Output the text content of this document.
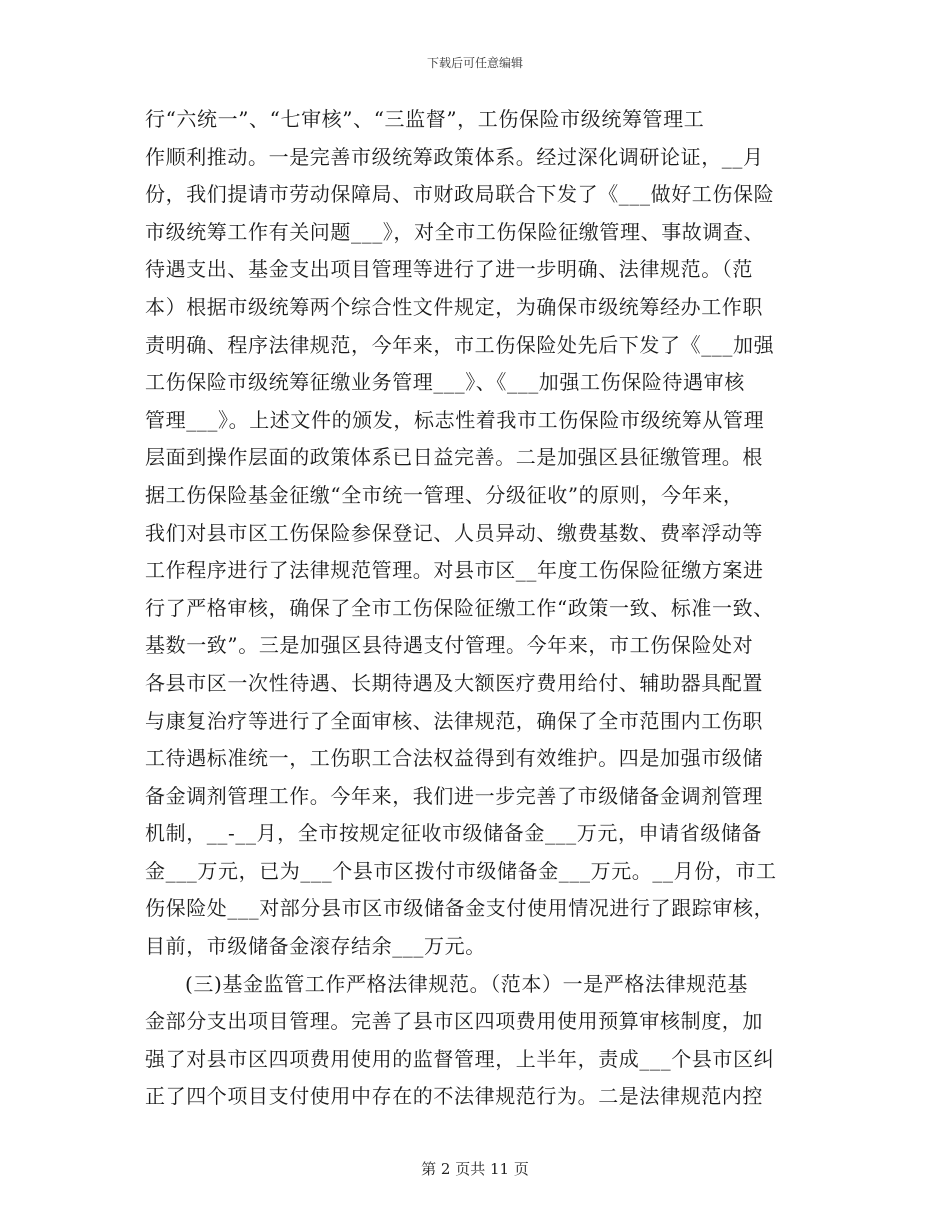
下载后可任意编辑
行“六统一”、“七审核”、“三监督”，工伤保险市级统筹管理工
作顺利推动。一是完善市级统筹政策体系。经过深化调研论证，__月
份，我们提请市劳动保障局、市财政局联合下发了《___做好工伤保险
市级统筹工作有关问题___》，对全市工伤保险征缴管理、事故调查、
待遇支出、基金支出项目管理等进行了进一步明确、法律规范。（范
本）根据市级统筹两个综合性文件规定，为确保市级统筹经办工作职
责明确、程序法律规范，今年来，市工伤保险处先后下发了《___加强
工伤保险市级统筹征缴业务管理___》、《___加强工伤保险待遇审核
管理___》。上述文件的颁发，标志性着我市工伤保险市级统筹从管理
层面到操作层面的政策体系已日益完善。二是加强区县征缴管理。根
据工伤保险基金征缴“全市统一管理、分级征收”的原则，今年来，
我们对县市区工伤保险参保登记、人员异动、缴费基数、费率浮动等
工作程序进行了法律规范管理。对县市区__年度工伤保险征缴方案进
行了严格审核，确保了全市工伤保险征缴工作“政策一致、标准一致、
基数一致”。三是加强区县待遇支付管理。今年来，市工伤保险处对
各县市区一次性待遇、长期待遇及大额医疗费用给付、辅助器具配置
与康复治疗等进行了全面审核、法律规范，确保了全市范围内工伤职
工待遇标准统一，工伤职工合法权益得到有效维护。四是加强市级储
备金调剂管理工作。今年来，我们进一步完善了市级储备金调剂管理
机制，__-__月，全市按规定征收市级储备金___万元，申请省级储备
金___万元，已为___个县市区拨付市级储备金___万元。__月份，市工
伤保险处___对部分县市区市级储备金支付使用情况进行了跟踪审核，
目前，市级储备金滚存结余___万元。
(三)基金监管工作严格法律规范。（范本）一是严格法律规范基
金部分支出项目管理。完善了县市区四项费用使用预算审核制度，加
强了对县市区四项费用使用的监督管理，上半年，责成___个县市区纠
正了四个项目支付使用中存在的不法律规范行为。二是法律规范内控
第 2 页共 11 页
